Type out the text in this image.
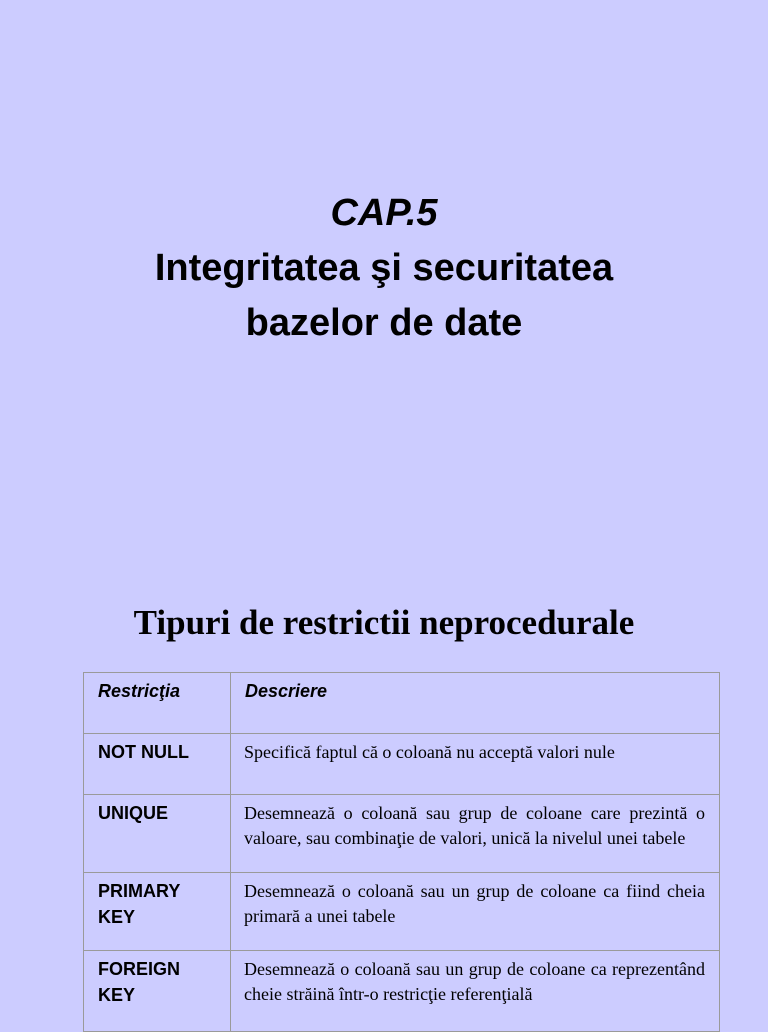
CAP.5
Integritatea şi securitatea
bazelor de date
Tipuri de restrictii neprocedurale
Restricţia	Descriere

NOT NULL	Specifică faptul că o coloană nu acceptă valori nule

UNIQUE	Desemnează o coloană sau grup de coloane care prezintă o valoare, sau combinaţie de valori, unică la nivelul unei tabele

PRIMARY KEY	Desemnează o coloană sau un grup de coloane ca fiind cheia primară a unei tabele

FOREIGN KEY	Desemnează o coloană sau un grup de coloane ca reprezentând cheie străină într-o restricţie referenţială
